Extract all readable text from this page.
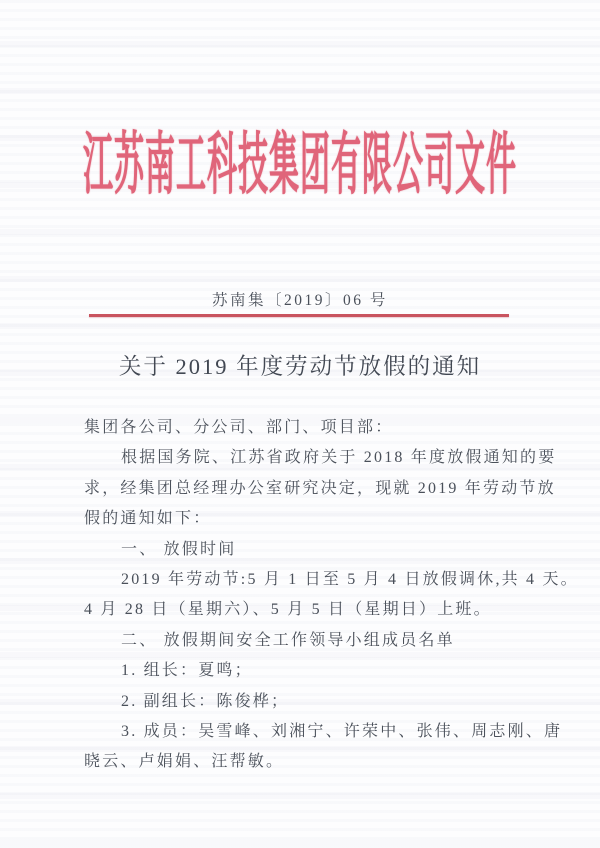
江苏南工科技集团有限公司文件
苏南集〔2019〕06 号
关于 2019 年度劳动节放假的通知
集团各公司、分公司、部门、项目部：
根据国务院、江苏省政府关于 2018 年度放假通知的要
求，经集团总经理办公室研究决定，现就 2019 年劳动节放
假的通知如下：
一、 放假时间
2019 年劳动节:5 月 1 日至 5 月 4 日放假调休,共 4 天。
4 月 28 日（星期六）、5 月 5 日（星期日）上班。
二、 放假期间安全工作领导小组成员名单
1. 组长：夏鸣；
2. 副组长：陈俊桦；
3. 成员：吴雪峰、刘湘宁、许荣中、张伟、周志刚、唐
晓云、卢娟娟、汪帮敏。
